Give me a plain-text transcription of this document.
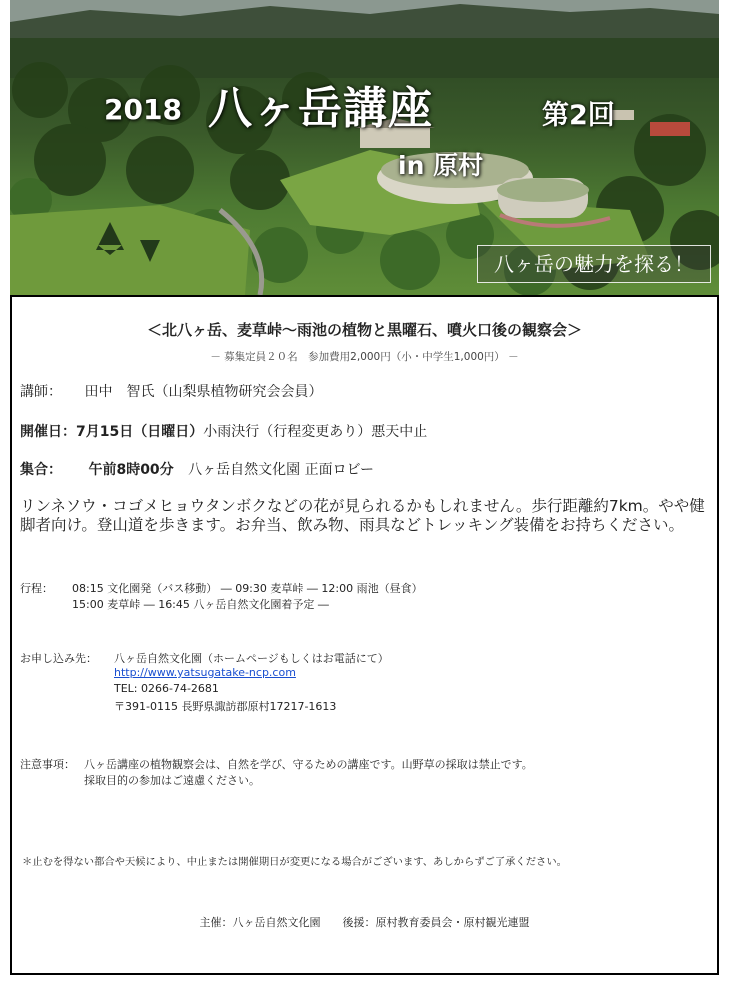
2018 八ヶ岳講座	第2回
in 原村
八ヶ岳の魅力を探る！
＜北八ヶ岳、麦草峠～雨池の植物と黒曜石、噴火口後の観察会＞
－ 募集定員２０名　参加費用2,000円（小・中学生1,000円） －
講師： 田中　智氏（山梨県植物研究会会員）
開催日：7月15日（日曜日）小雨決行（行程変更あり）悪天中止
集合： 午前8時00分 八ヶ岳自然文化園 正面ロビー
リンネソウ・コゴメヒョウタンボクなどの花が見られるかもしれません。歩行距離約7km。やや健脚者向け。登山道を歩きます。お弁当、飲み物、雨具などトレッキング装備をお持ちください。
行程： 08:15 文化園発（バス移動） ― 09:30 麦草峠 ― 12:00 雨池（昼食）
15:00 麦草峠 ― 16:45 八ヶ岳自然文化園着予定 ―
お申し込み先： 八ヶ岳自然文化園（ホームページもしくはお電話にて）
http://www.yatsugatake-ncp.com
TEL: 0266-74-2681
〒391-0115 長野県諏訪郡原村17217-1613
注意事項： 八ヶ岳講座の植物観察会は、自然を学び、守るための講座です。山野草の採取は禁止です。
採取目的の参加はご遠慮ください。
＊止むを得ない都合や天候により、中止または開催期日が変更になる場合がございます、あしからずご了承ください。
主催：八ヶ岳自然文化園　　後援：原村教育委員会・原村観光連盟
